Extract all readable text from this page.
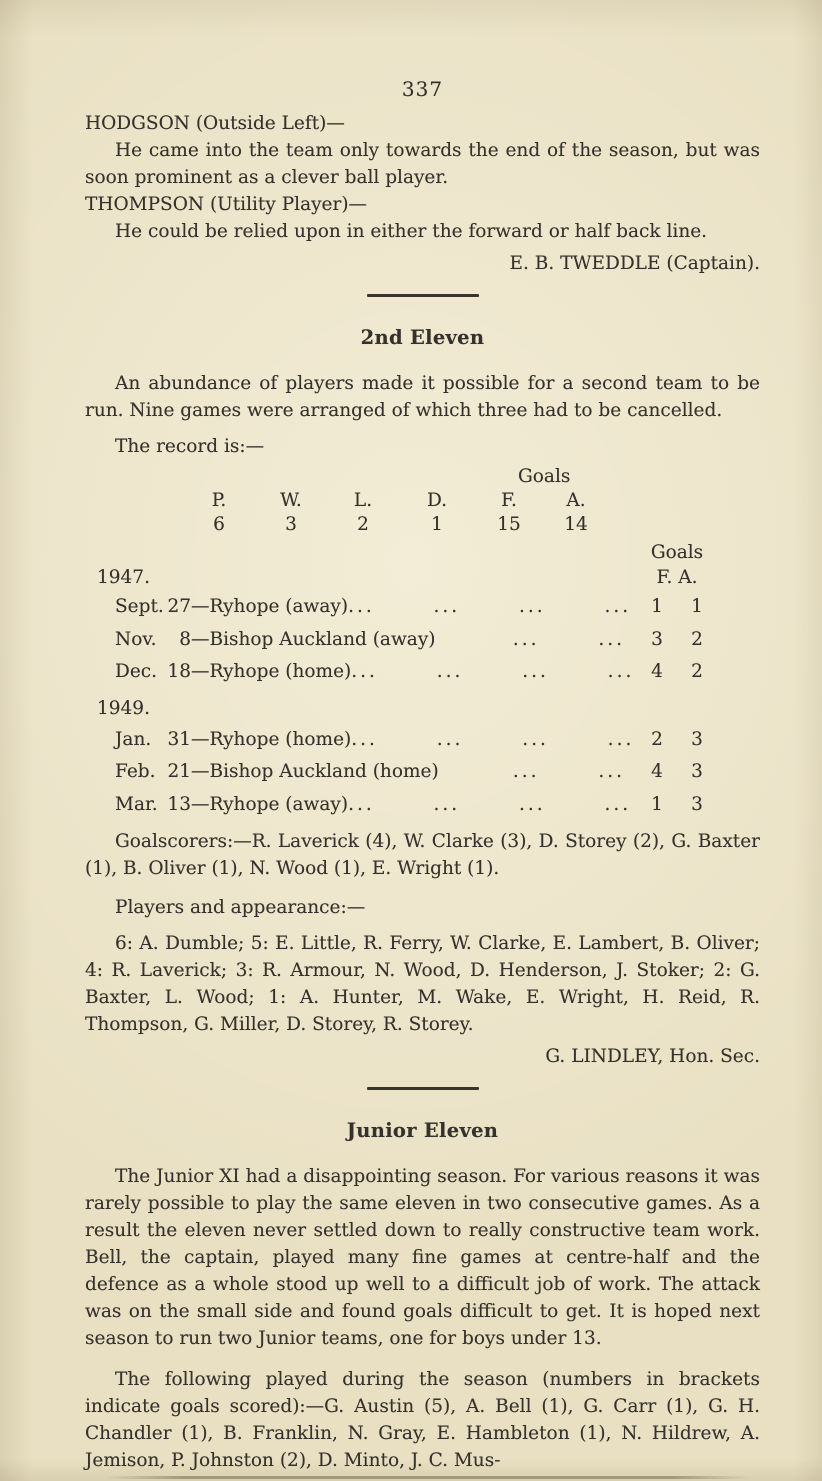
337

HODGSON (Outside Left)—

He came into the team only towards the end of the season, but was soon prominent as a clever ball player.

THOMPSON (Utility Player)—

He could be relied upon in either the forward or half back line.

E. B. TWEDDLE (Captain).

2nd Eleven

An abundance of players made it possible for a second team to be run. Nine games were arranged of which three had to be cancelled.

The record is:—

Goals
P.	W.	L.	D.	F.	A.
6	3	2	1	15	14
Goals
1947.	F. A.
Sept. 27 —Ryhope (away) ... ... ... ...	1	1
Nov.	8 —Bishop Auckland (away)	... ...	3	2
Dec. 18 —Ryhope (home) ... ... ... ... 4	2

1949.

Jan. 31 —Ryhope (home) ... ... ... ... 2	3
Feb. 21 —Bishop Auckland (home)	... ...	4	3
Mar. 13 —Ryhope (away) ... ... ... ...	1	3

Goalscorers:—R. Laverick (4), W. Clarke (3), D. Storey (2), G. Baxter (1), B. Oliver (1), N. Wood (1), E. Wright (1).

Players and appearance:—

6: A. Dumble; 5: E. Little, R. Ferry, W. Clarke, E. Lambert, B. Oliver; 4: R. Laverick; 3: R. Armour, N. Wood, D. Henderson, J. Stoker; 2: G. Baxter, L. Wood; 1: A. Hunter, M. Wake, E. Wright, H. Reid, R. Thompson, G. Miller, D. Storey, R. Storey.

G. LINDLEY, Hon. Sec.

Junior Eleven

The Junior XI had a disappointing season. For various reasons it was rarely possible to play the same eleven in two consecutive games. As a result the eleven never settled down to really constructive team work. Bell, the captain, played many fine games at centre-half and the defence as a whole stood up well to a difficult job of work. The attack was on the small side and found goals difficult to get. It is hoped next season to run two Junior teams, one for boys under 13.

The following played during the season (numbers in brackets indicate goals scored):—G. Austin (5), A. Bell (1), G. Carr (1), G. H. Chandler (1), B. Franklin, N. Gray, E. Hambleton (1), N. Hildrew, A. Jemison, P. Johnston (2), D. Minto, J. C. Mus-
